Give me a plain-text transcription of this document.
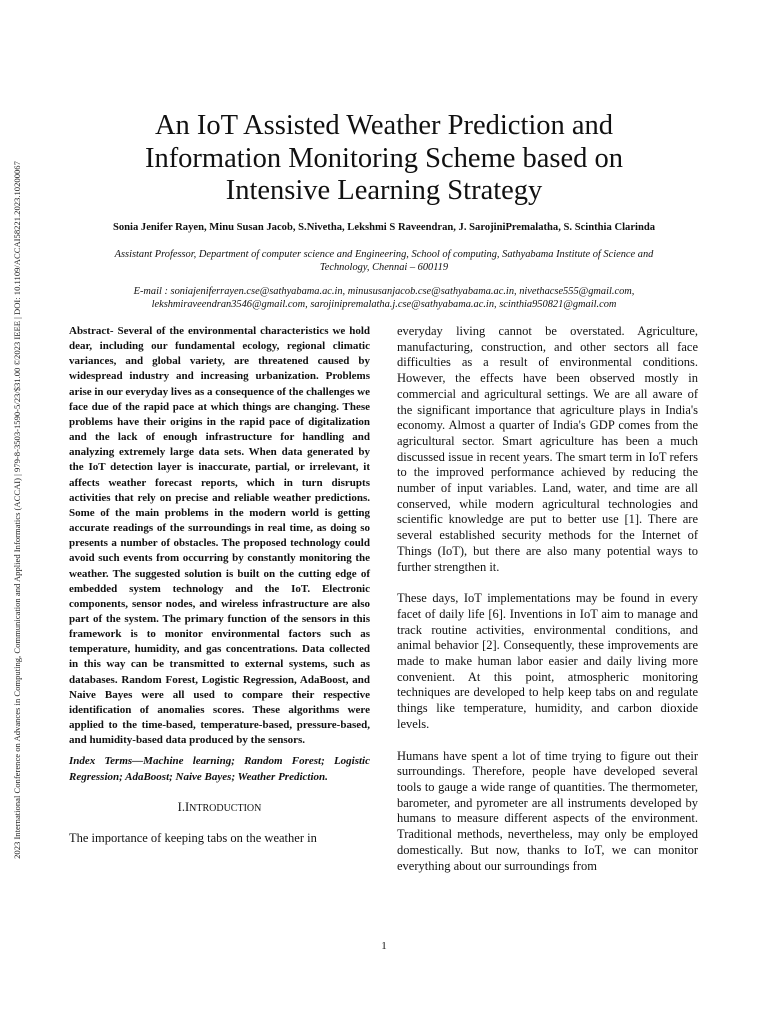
2023 International Conference on Advances in Computing, Communication and Applied Informatics (ACCAI) | 979-8-3503-1590-5/23/$31.00 ©2023 IEEE | DOI: 10.1109/ACCAI58221.2023.10200067
An IoT Assisted Weather Prediction and
Information Monitoring Scheme based on
Intensive Learning Strategy

Sonia Jenifer Rayen, Minu Susan Jacob, S.Nivetha, Lekshmi S Raveendran, J. SarojiniPremalatha, S. Scinthia Clarinda

Assistant Professor, Department of computer science and Engineering, School of computing, Sathyabama Institute of Science and
Technology, Chennai – 600119

E-mail : soniajeniferrayen.cse@sathyabama.ac.in, minususanjacob.cse@sathyabama.ac.in, nivethacse555@gmail.com,
lekshmiraveendran3546@gmail.com, sarojinipremalatha.j.cse@sathyabama.ac.in, scinthia950821@gmail.com

Abstract- Several of the environmental characteristics we hold dear, including our fundamental ecology, regional climatic variances, and global variety, are threatened caused by widespread industry and increasing urbanization. Problems arise in our everyday lives as a consequence of the challenges we face due of the rapid pace at which things are changing. These problems have their origins in the rapid pace of digitalization and the lack of enough infrastructure for handling and analyzing extremely large data sets. When data generated by the IoT detection layer is inaccurate, partial, or irrelevant, it affects weather forecast reports, which in turn disrupts activities that rely on precise and reliable weather predictions. Some of the main problems in the modern world is getting accurate readings of the surroundings in real time, as doing so presents a number of obstacles. The proposed technology could avoid such events from occurring by constantly monitoring the weather. The suggested solution is built on the cutting edge of embedded system technology and the IoT. Electronic components, sensor nodes, and wireless infrastructure are also part of the system. The primary function of the sensors in this framework is to monitor environmental factors such as temperature, humidity, and gas concentrations. Data collected in this way can be transmitted to external systems, such as databases. Random Forest, Logistic Regression, AdaBoost, and Naive Bayes were all used to compare their respective identification of anomalies scores. These algorithms were applied to the time-based, temperature-based, pressure-based, and humidity-based data produced by the sensors.

Index Terms—Machine learning; Random Forest; Logistic Regression; AdaBoost; Naive Bayes; Weather Prediction.

I.INTRODUCTION

The importance of keeping tabs on the weather in

everyday living cannot be overstated. Agriculture, manufacturing, construction, and other sectors all face difficulties as a result of environmental conditions. However, the effects have been observed mostly in commercial and agricultural settings. We are all aware of the significant importance that agriculture plays in India's economy. Almost a quarter of India's GDP comes from the agricultural sector. Smart agriculture has been a much discussed issue in recent years. The smart term in IoT refers to the improved performance achieved by reducing the number of input variables. Land, water, and time are all conserved, while modern agricultural technologies and scientific knowledge are put to better use [1]. There are several established security methods for the Internet of Things (IoT), but there are also many potential ways to further strengthen it.

These days, IoT implementations may be found in every facet of daily life [6]. Inventions in IoT aim to manage and track routine activities, environmental conditions, and animal behavior [2]. Consequently, these improvements are made to make human labor easier and daily living more convenient. At this point, atmospheric monitoring techniques are developed to help keep tabs on and regulate things like temperature, humidity, and carbon dioxide levels.

Humans have spent a lot of time trying to figure out their surroundings. Therefore, people have developed several tools to gauge a wide range of quantities. The thermometer, barometer, and pyrometer are all instruments developed by humans to measure different aspects of the environment. Traditional methods, nevertheless, may only be employed domestically. But now, thanks to IoT, we can monitor everything about our surroundings from

1
